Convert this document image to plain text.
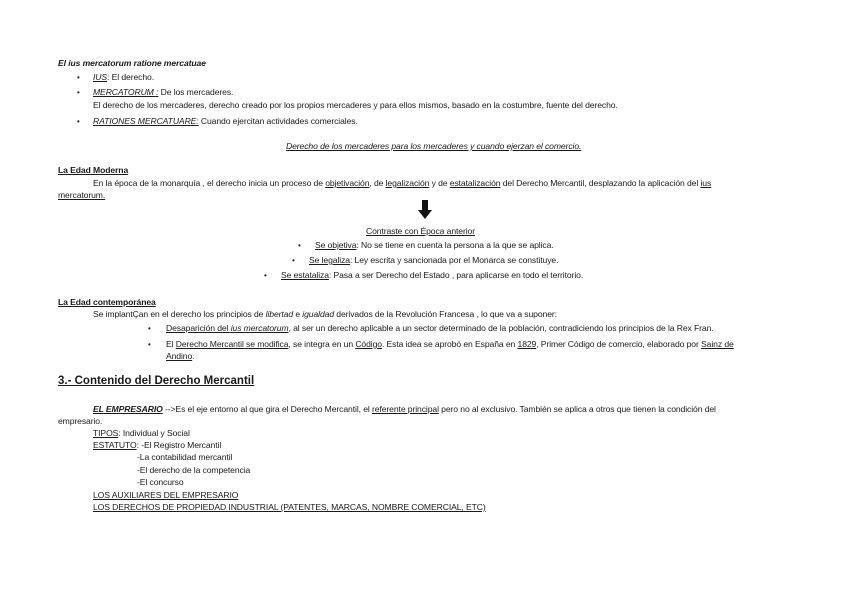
El ius mercatorum ratione mercatuae
• IUS: El derecho.
• MERCATORUM : De los mercaderes.
El derecho de los mercaderes, derecho creado por los propios mercaderes y para ellos mismos, basado en la costumbre, fuente del derecho.
• RATIONES MERCATUARE: Cuando ejercitan actividades comerciales.
Derecho de los mercaderes para los mercaderes y cuando ejerzan el comercio.
La Edad Moderna
En la época de la monarquía , el derecho inicia un proceso de objetivación, de legalización y de estatalización del Derecho Mercantil, desplazando la aplicación del ius
mercatorum.
Contraste con Época anterior
• Se objetiva: No se tiene en cuenta la persona a la que se aplica.
• Se legaliza: Ley escrita y sancionada por el Monarca se constituye.
• Se estataliza: Pasa a ser Derecho del Estado , para aplicarse en todo el territorio.
La Edad contemporánea
Se implantÇan en el derecho los principios de libertad e igualdad derivados de la Revolución Francesa , lo que va a suponer:
• Desaparición del ius mercatorum, al ser un derecho aplicable a un sector determinado de la población, contradiciendo los principios de la Rex Fran.
• El Derecho Mercantil se modifica, se integra en un Código. Esta idea se aprobó en España en 1829, Primer Código de comercio, elaborado por Sainz de
Andino.
3.- Contenido del Derecho Mercantil
EL EMPRESARIO -->Es el eje entorno al que gira el Derecho Mercantil, el referente principal pero no al exclusivo. También se aplica a otros que tienen la condición del
empresario.
TIPOS: Individual y Social
ESTATUTO: -El Registro Mercantil
-La contabilidad mercantil
-El derecho de la competencia
-El concurso
LOS AUXILIARES DEL EMPRESARIO
LOS DERECHOS DE PROPIEDAD INDUSTRIAL (PATENTES, MARCAS, NOMBRE COMERCIAL, ETC)
